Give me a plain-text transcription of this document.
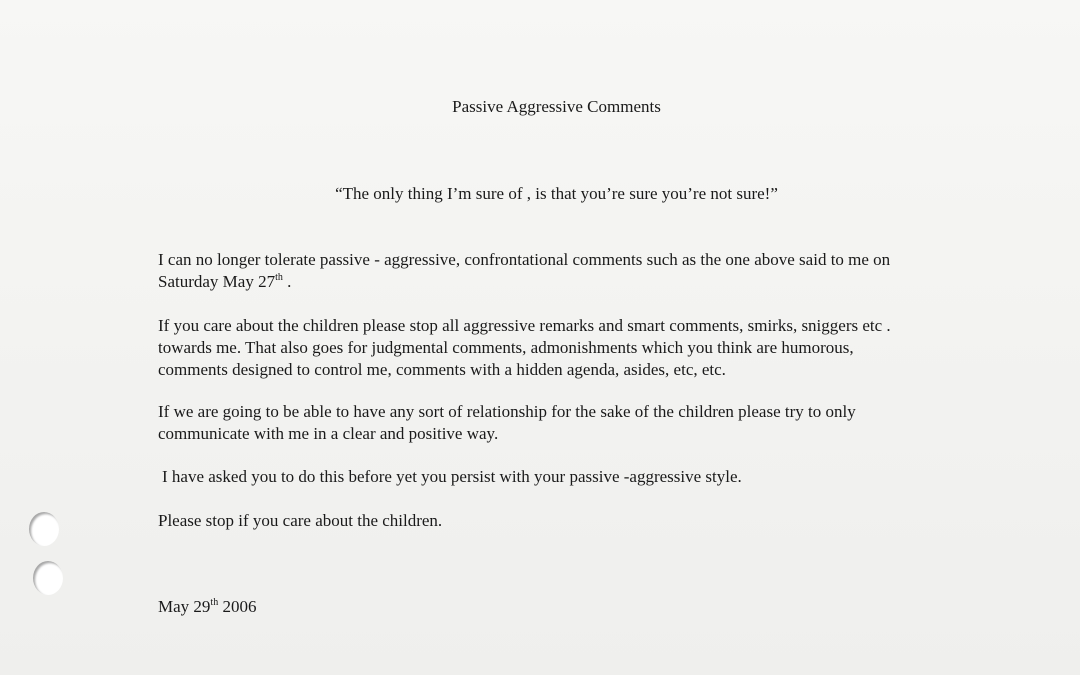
Passive Aggressive Comments
“The only thing I’m sure of , is that you’re sure you’re not sure!”

I can no longer tolerate passive - aggressive, confrontational comments such as the one above said to me on
Saturday May 27th .

If you care about the children please stop all aggressive remarks and smart comments, smirks, sniggers etc .
towards me. That also goes for judgmental comments, admonishments which you think are humorous,
comments designed to control me, comments with a hidden agenda, asides, etc, etc.

If we are going to be able to have any sort of relationship for the sake of the children please try to only
communicate with me in a clear and positive way.

I have asked you to do this before yet you persist with your passive -aggressive style.

Please stop if you care about the children.

May 29th 2006
